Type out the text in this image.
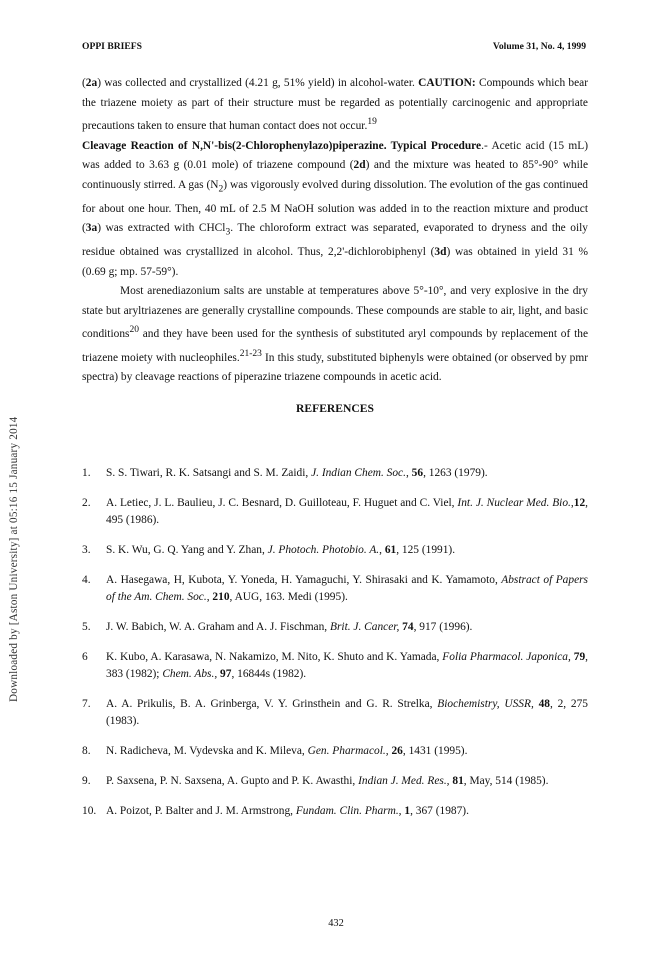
Downloaded by [Aston University] at 05:16 15 January 2014
OPPI BRIEFS	Volume 31, No. 4, 1999

(2a) was collected and crystallized (4.21 g, 51% yield) in alcohol-water. CAUTION: Compounds which bear the triazene moiety as part of their structure must be regarded as potentially carcinogenic and appropriate precautions taken to ensure that human contact does not occur.$^{19}$

Cleavage Reaction of N,N'-bis(2-Chlorophenylazo)piperazine. Typical Procedure.- Acetic acid (15 mL) was added to 3.63 g (0.01 mole) of triazene compound (2d) and the mixture was heated to 85°-90° while continuously stirred. A gas $(N_2)$ was vigorously evolved during dissolution. The evolution of the gas continued for about one hour. Then, 40 mL of 2.5 M NaOH solution was added in to the reaction mixture and product (3a) was extracted with CHCl$_3$. The chloroform extract was separated, evaporated to dryness and the oily residue obtained was crystallized in alcohol. Thus, 2,2'-dichlorobiphenyl (3d) was obtained in yield 31 % (0.69 g; mp. 57-59°).

Most arenediazonium salts are unstable at temperatures above 5°-10°, and very explosive in the dry state but aryltriazenes are generally crystalline compounds. These compounds are stable to air, light, and basic conditions$^{20}$ and they have been used for the synthesis of substituted aryl compounds by replacement of the triazene moiety with nucleophiles.$^{21-23}$ In this study, substituted biphenyls were obtained (or observed by pmr spectra) by cleavage reactions of piperazine triazene compounds in acetic acid.

REFERENCES
1. S. S. Tiwari, R. K. Satsangi and S. M. Zaidi, J. Indian Chem. Soc., 56, 1263 (1979).
2. A. Letiec, J. L. Baulieu, J. C. Besnard, D. Guilloteau, F. Huguet and C. Viel, Int. J. Nuclear Med. Bio.,12, 495 (1986).
3. S. K. Wu, G. Q. Yang and Y. Zhan, J. Photoch. Photobio. A., 61, 125 (1991).
4. A. Hasegawa, H, Kubota, Y. Yoneda, H. Yamaguchi, Y. Shirasaki and K. Yamamoto, Abstract of Papers of the Am. Chem. Soc., 210, AUG, 163. Medi (1995).
5. J. W. Babich, W. A. Graham and A. J. Fischman, Brit. J. Cancer, 74, 917 (1996).
6 K. Kubo, A. Karasawa, N. Nakamizo, M. Nito, K. Shuto and K. Yamada, Folia Pharmacol. Japonica, 79, 383 (1982); Chem. Abs., 97, 16844s (1982).
7. A. A. Prikulis, B. A. Grinberga, V. Y. Grinsthein and G. R. Strelka, Biochemistry, USSR, 48, 2, 275 (1983).
8. N. Radicheva, M. Vydevska and K. Mileva, Gen. Pharmacol., 26, 1431 (1995).
9. P. Saxsena, P. N. Saxsena, A. Gupto and P. K. Awasthi, Indian J. Med. Res., 81, May, 514 (1985).
10. A. Poizot, P. Balter and J. M. Armstrong, Fundam. Clin. Pharm., 1, 367 (1987).
432
